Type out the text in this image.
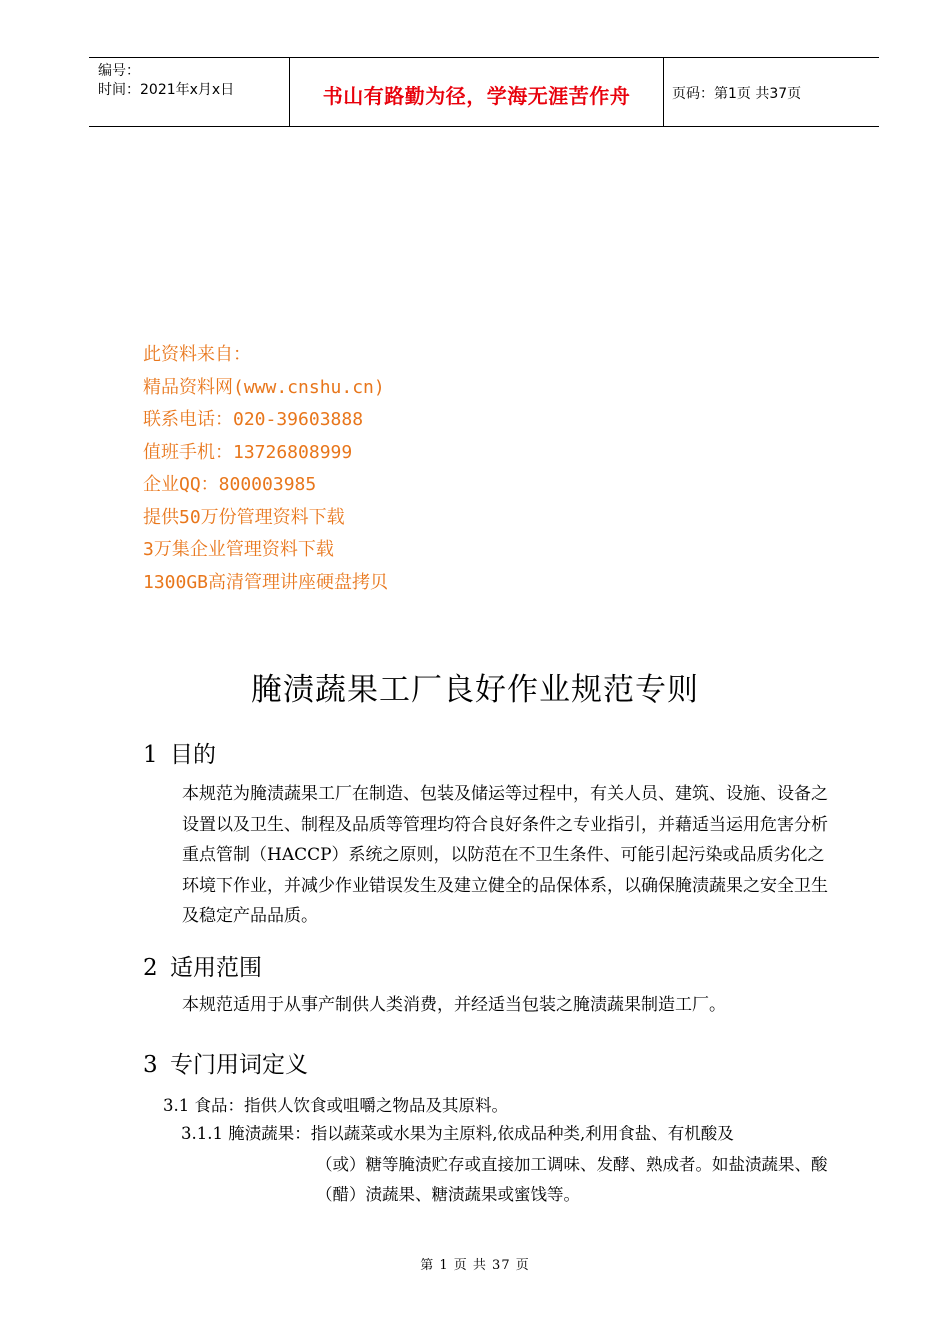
编号：
时间：2021年x月x日	书山有路勤为径，学海无涯苦作舟	页码：第1页 共37页
此资料来自：
精品资料网(www.cnshu.cn)
联系电话：020-39603888
值班手机：13726808999
企业QQ：800003985
提供50万份管理资料下载
3万集企业管理资料下载
1300GB高清管理讲座硬盘拷贝
腌渍蔬果工厂良好作业规范专则
1 目的
本规范为腌渍蔬果工厂在制造、包装及储运等过程中，有关人员、建筑、设施、设备之设置以及卫生、制程及品质等管理均符合良好条件之专业指引，并藉适当运用危害分析重点管制（HACCP）系统之原则，以防范在不卫生条件、可能引起污染或品质劣化之环境下作业，并减少作业错误发生及建立健全的品保体系，以确保腌渍蔬果之安全卫生及稳定产品品质。
2 适用范围
本规范适用于从事产制供人类消费，并经适当包装之腌渍蔬果制造工厂。
3 专门用词定义
3.1 食品：指供人饮食或咀嚼之物品及其原料。
3.1.1 腌渍蔬果：指以蔬菜或水果为主原料,依成品种类,利用食盐、有机酸及
（或）糖等腌渍贮存或直接加工调味、发酵、熟成者。如盐渍蔬果、酸（醋）渍蔬果、糖渍蔬果或蜜饯等。
第 1 页 共 37 页
